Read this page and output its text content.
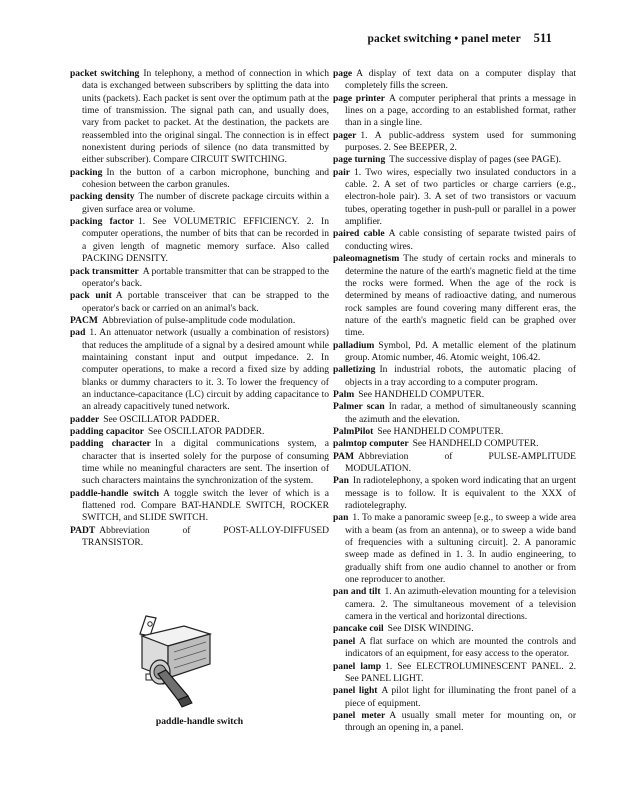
packet switching • panel meter 511

packet switching In telephony, a method of connection in which data is exchanged between subscribers by splitting the data into units (packets). Each packet is sent over the optimum path at the time of transmission. The signal path can, and usually does, vary from packet to packet. At the destination, the packets are reassembled into the original singal. The connection is in effect nonexistent during periods of silence (no data transmitted by either subscriber). Compare CIRCUIT SWITCHING.

packing In the button of a carbon microphone, bunching and cohesion between the carbon granules.

packing density The number of discrete package circuits within a given surface area or volume.

packing factor 1. See VOLUMETRIC EFFICIENCY. 2. In computer operations, the number of bits that can be recorded in a given length of magnetic memory surface. Also called PACKING DENSITY.

pack transmitter A portable transmitter that can be strapped to the operator's back.

pack unit A portable transceiver that can be strapped to the operator's back or carried on an animal's back.

PACM Abbreviation of pulse-amplitude code modulation.

pad 1. An attenuator network (usually a combination of resistors) that reduces the amplitude of a signal by a desired amount while maintaining constant input and output impedance. 2. In computer operations, to make a record a fixed size by adding blanks or dummy characters to it. 3. To lower the frequency of an inductance-capacitance (LC) circuit by adding capacitance to an already capacitively tuned network.

padder See OSCILLATOR PADDER.

padding capacitor See OSCILLATOR PADDER.

padding character In a digital communications system, a character that is inserted solely for the purpose of consuming time while no meaningful characters are sent. The insertion of such characters maintains the synchronization of the system.

paddle-handle switch A toggle switch the lever of which is a flattened rod. Compare BAT-HANDLE SWITCH, ROCKER SWITCH, and SLIDE SWITCH.

PADT Abbreviation of POST-ALLOY-DIFFUSED TRANSISTOR.

page A display of text data on a computer display that completely fills the screen.

page printer A computer peripheral that prints a message in lines on a page, according to an established format, rather than in a single line.

pager 1. A public-address system used for summoning purposes. 2. See BEEPER, 2.

page turning The successive display of pages (see PAGE).

pair 1. Two wires, especially two insulated conductors in a cable. 2. A set of two particles or charge carriers (e.g., electron-hole pair). 3. A set of two transistors or vacuum tubes, operating together in push-pull or parallel in a power amplifier.

paired cable A cable consisting of separate twisted pairs of conducting wires.

paleomagnetism The study of certain rocks and minerals to determine the nature of the earth's magnetic field at the time the rocks were formed. When the age of the rock is determined by means of radioactive dating, and numerous rock samples are found covering many different eras, the nature of the earth's magnetic field can be graphed over time.

palladium Symbol, Pd. A metallic element of the platinum group. Atomic number, 46. Atomic weight, 106.42.

palletizing In industrial robots, the automatic placing of objects in a tray according to a computer program.

Palm See HANDHELD COMPUTER.

Palmer scan In radar, a method of simultaneously scanning the azimuth and the elevation.

PalmPilot See HANDHELD COMPUTER.

palmtop computer See HANDHELD COMPUTER.

PAM Abbreviation of PULSE-AMPLITUDE MODULATION.

Pan In radiotelephony, a spoken word indicating that an urgent message is to follow. It is equivalent to the XXX of radiotelegraphy.

pan 1. To make a panoramic sweep [e.g., to sweep a wide area with a beam (as from an antenna), or to sweep a wide band of frequencies with a sultuning circuit]. 2. A panoramic sweep made as defined in 1. 3. In audio engineering, to gradually shift from one audio channel to another or from one reproducer to another.

pan and tilt 1. An azimuth-elevation mounting for a television camera. 2. The simultaneous movement of a television camera in the vertical and horizontal directions.

pancake coil See DISK WINDING.

panel A flat surface on which are mounted the controls and indicators of an equipment, for easy access to the operator.

panel lamp 1. See ELECTROLUMINESCENT PANEL. 2. See PANEL LIGHT.

panel light A pilot light for illuminating the front panel of a piece of equipment.

panel meter A usually small meter for mounting on, or through an opening in, a panel.

paddle-handle switch
